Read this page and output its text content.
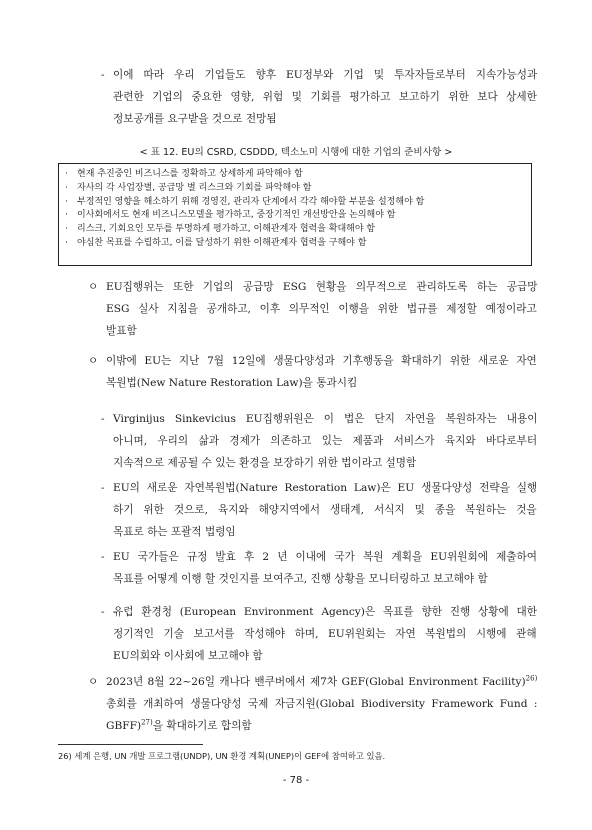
- 이에 따라 우리 기업들도 향후 EU정부와 기업 및 투자자들로부터 지속가능성과
관련한 기업의 중요한 영향, 위험 및 기회를 평가하고 보고하기 위한 보다 상세한
정보공개를 요구받을 것으로 전망됨
< 표 12. EU의 CSRD, CSDDD, 텍소노미 시행에 대한 기업의 준비사항 >
· 현재 추진중인 비즈니스를 정확하고 상세하게 파악해야 함
· 자사의 각 사업장별, 공급망 별 리스크와 기회를 파악해야 함
· 부정적인 영향을 해소하기 위해 경영진, 관리자 단계에서 각각 해야할 부분을 설정해야 함
· 이사회에서도 현재 비즈니스모델을 평가하고, 중장기적인 개선방안을 논의해야 함
· 리스크, 기회요인 모두를 투명하게 평가하고, 이해관계자 협력을 확대해야 함
· 야심찬 목표를 수립하고, 이를 달성하기 위한 이해관계자 협력을 구해야 함
ㅇ EU집행위는 또한 기업의 공급망 ESG 현황을 의무적으로 관리하도록 하는 공급망
ESG 실사 지침을 공개하고, 이후 의무적인 이행을 위한 법규를 제정할 예정이라고
발표함
ㅇ 이밖에 EU는 지난 7월 12일에 생물다양성과 기후행동을 확대하기 위한 새로운 자연
복원법(New Nature Restoration Law)을 통과시킴
- Virginijus Sinkevicius EU집행위원은 이 법은 단지 자연을 복원하자는 내용이
아니며, 우리의 삶과 경제가 의존하고 있는 제품과 서비스가 육지와 바다로부터
지속적으로 제공될 수 있는 환경을 보장하기 위한 법이라고 설명함
- EU의 새로운 자연복원법(Nature Restoration Law)은 EU 생물다양성 전략을 실행
하기 위한 것으로, 육지와 해양지역에서 생태계, 서식지 및 종을 복원하는 것을
목표로 하는 포괄적 법령임
- EU 국가들은 규정 발효 후 2 년 이내에 국가 복원 계획을 EU위원회에 제출하여
목표를 어떻게 이행 할 것인지를 보여주고, 진행 상황을 모니터링하고 보고해야 함
- 유럽 환경청 (European Environment Agency)은 목표를 향한 진행 상황에 대한
정기적인 기술 보고서를 작성해야 하며, EU위원회는 자연 복원법의 시행에 관해
EU의회와 이사회에 보고해야 함
ㅇ 2023년 8월 22~26일 캐나다 밴쿠버에서 제7차 GEF(Global Environment Facility)$^{26)}$
총회를 개최하여 생물다양성 국제 자금지원(Global Biodiversity Framework Fund :
GBFF)$^{27)}$을 확대하기로 합의함
26) 세계 은행, UN 개발 프로그램(UNDP), UN 환경 계획(UNEP)이 GEF에 참여하고 있음.
- 78 -
